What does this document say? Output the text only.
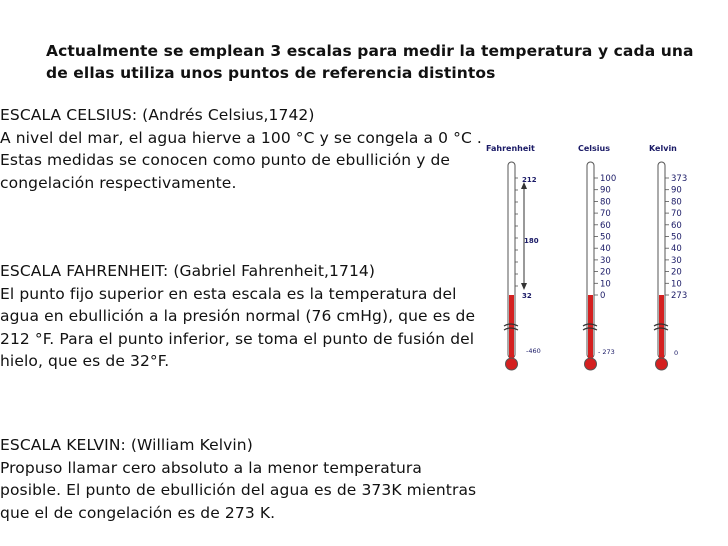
Actualmente se emplean 3 escalas para medir la temperatura y cada una de ellas utiliza unos puntos de referencia distintos

ESCALA CELSIUS: (Andrés Celsius,1742)

A nivel del mar, el agua hierve a 100 °C y se congela a 0 °C . Estas medidas se conocen como punto de ebullición y de congelación respectivamente.

ESCALA FAHRENHEIT: (Gabriel Fahrenheit,1714)

El punto fijo superior en esta escala es la temperatura del agua en ebullición a la presión normal (76 cmHg), que es de 212 °F. Para el punto inferior, se toma el punto de fusión del hielo, que es de 32°F.

ESCALA KELVIN: (William Kelvin)

Propuso llamar cero absoluto a la menor temperatura posible. El punto de ebullición del agua es de 373K mientras que el de congelación es de 273 K.

Fahrenheit
212
180
32
-460
Celsius
100
90
80
70
60
50
40
30
20
10
0
- 273
Kelvin
373
90
80
70
60
50
40
30
20
10
273
0
